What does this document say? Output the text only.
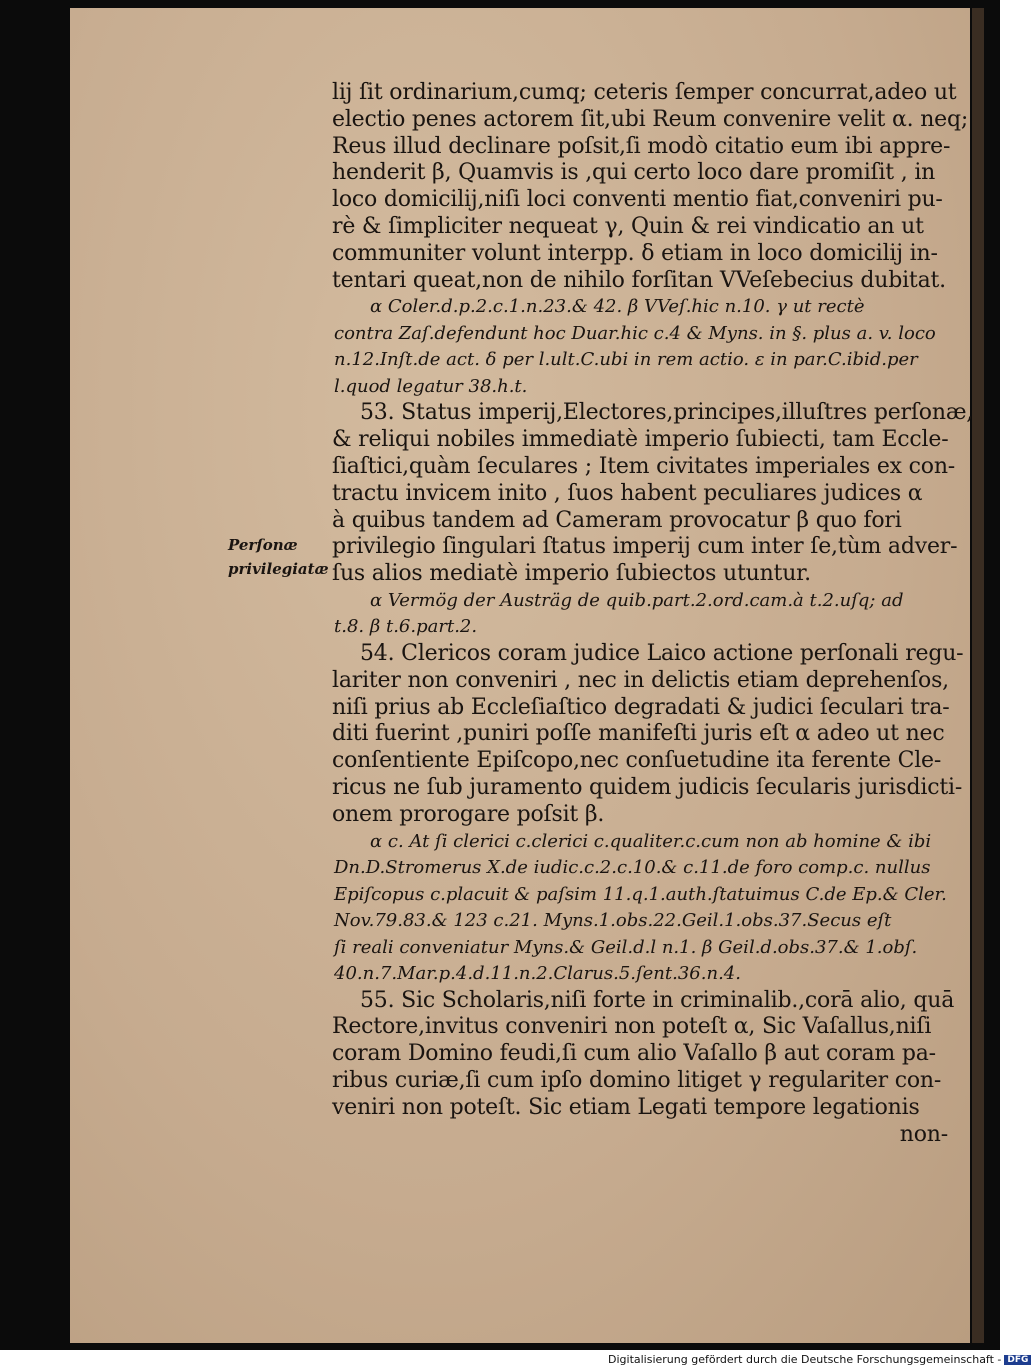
Perſonæ
privilegiatæ
lij ſit ordinarium,cumq; ceteris ſemper concurrat,adeo ut
electio penes actorem ſit,ubi Reum convenire velit α. neq;
Reus illud declinare poſsit,ſi modò citatio eum ibi appre-
henderit β, Quamvis is ,qui certo loco dare promiſit , in
loco domicilij,niſi loci conventi mentio fiat,conveniri pu-
rè & ſimpliciter nequeat γ, Quin & rei vindicatio an ut
communiter volunt interpp. δ etiam in loco domicilij in-
tentari queat,non de nihilo forſitan VVeſebecius dubitat.
α Coler.d.p.2.c.1.n.23.& 42. β VVeſ.hic n.10. γ ut rectè
contra Zaſ.defendunt hoc Duar.hic c.4 & Myns. in §. plus a. v. loco
n.12.Inſt.de act. δ per l.ult.C.ubi in rem actio. ε in par.C.ibid.per
l.quod legatur 38.h.t.
53. Status imperij,Electores,principes,illuſtres perſonæ,
& reliqui nobiles immediatè imperio ſubiecti, tam Eccle-
ſiaſtici,quàm ſeculares ; Item civitates imperiales ex con-
tractu invicem inito , ſuos habent peculiares judices α
à quibus tandem ad Cameram provocatur β quo fori
privilegio ſingulari ſtatus imperij cum inter ſe,tùm adver-
ſus alios mediatè imperio ſubiectos utuntur.
α Vermög der Austräg de quib.part.2.ord.cam.à t.2.uſq; ad
t.8. β t.6.part.2.
54. Clericos coram judice Laico actione perſonali regu-
lariter non conveniri , nec in delictis etiam deprehenſos,
niſi prius ab Eccleſiaſtico degradati & judici ſeculari tra-
diti fuerint ,puniri poſſe manifeſti juris eſt α adeo ut nec
conſentiente Epiſcopo,nec conſuetudine ita ferente Cle-
ricus ne ſub juramento quidem judicis ſecularis jurisdicti-
onem prorogare poſsit β.
α c. At ſi clerici c.clerici c.qualiter.c.cum non ab homine & ibi
Dn.D.Stromerus X.de iudic.c.2.c.10.& c.11.de foro comp.c. nullus
Epiſcopus c.placuit & paſsim 11.q.1.auth.ſtatuimus C.de Ep.& Cler.
Nov.79.83.& 123 c.21. Myns.1.obs.22.Geil.1.obs.37.Secus eſt
ſi reali conveniatur Myns.& Geil.d.l n.1. β Geil.d.obs.37.& 1.obſ.
40.n.7.Mar.p.4.d.11.n.2.Clarus.5.ſent.36.n.4.
55. Sic Scholaris,niſi forte in criminalib.,corā alio, quā
Rectore,invitus conveniri non poteſt α, Sic Vaſallus,niſi
coram Domino feudi,ſi cum alio Vaſallo β aut coram pa-
ribus curiæ,ſi cum ipſo domino litiget γ regulariter con-
veniri non poteſt. Sic etiam Legati tempore legationis
non-
Digitalisierung gefördert durch die Deutsche Forschungsgemeinschaft - DFG
